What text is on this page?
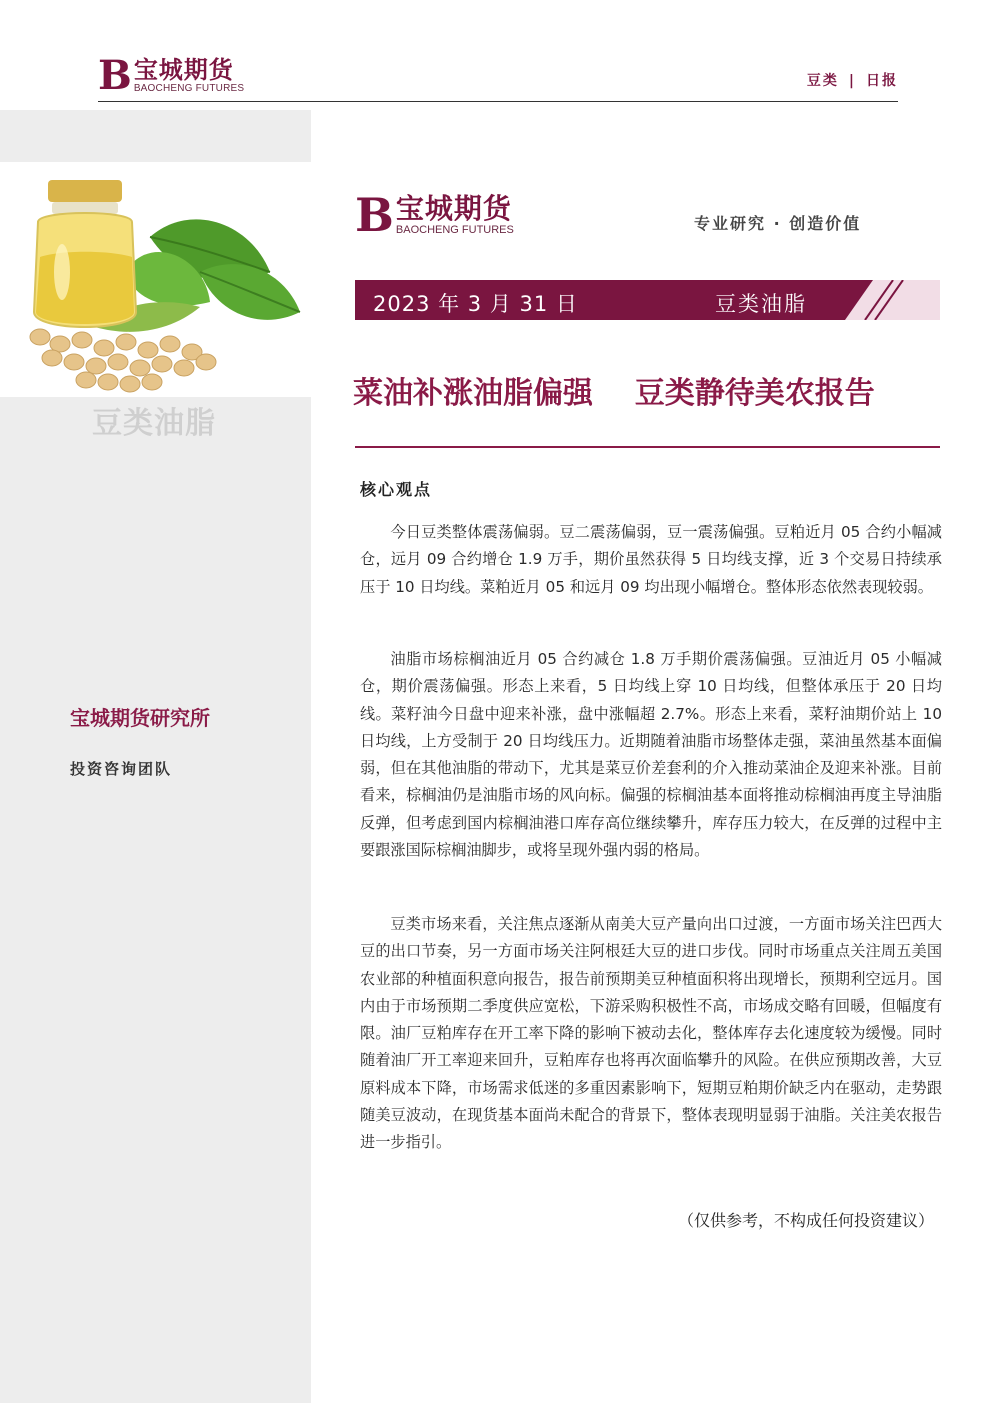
B 宝城期货
BAOCHENG FUTURES	豆类 | 日报
豆类油脂
宝城期货研究所
投资咨询团队
B 宝城期货
BAOCHENG FUTURES	专业研究 · 创造价值
2023 年 3 月 31 日	豆类油脂
菜油补涨油脂偏强    豆类静待美农报告
核心观点

今日豆类整体震荡偏弱。豆二震荡偏弱，豆一震荡偏强。豆粕近月 05 合约小幅减仓，远月 09 合约增仓 1.9 万手，期价虽然获得 5 日均线支撑，近 3 个交易日持续承压于 10 日均线。菜粕近月 05 和远月 09 均出现小幅增仓。整体形态依然表现较弱。

油脂市场棕榈油近月 05 合约减仓 1.8 万手期价震荡偏强。豆油近月 05 小幅减仓，期价震荡偏强。形态上来看，5 日均线上穿 10 日均线，但整体承压于 20 日均线。菜籽油今日盘中迎来补涨，盘中涨幅超 2.7%。形态上来看，菜籽油期价站上 10 日均线，上方受制于 20 日均线压力。近期随着油脂市场整体走强，菜油虽然基本面偏弱，但在其他油脂的带动下，尤其是菜豆价差套利的介入推动菜油企及迎来补涨。目前看来，棕榈油仍是油脂市场的风向标。偏强的棕榈油基本面将推动棕榈油再度主导油脂反弹，但考虑到国内棕榈油港口库存高位继续攀升，库存压力较大，在反弹的过程中主要跟涨国际棕榈油脚步，或将呈现外强内弱的格局。

豆类市场来看，关注焦点逐渐从南美大豆产量向出口过渡，一方面市场关注巴西大豆的出口节奏，另一方面市场关注阿根廷大豆的进口步伐。同时市场重点关注周五美国农业部的种植面积意向报告，报告前预期美豆种植面积将出现增长，预期利空远月。国内由于市场预期二季度供应宽松，下游采购积极性不高，市场成交略有回暖，但幅度有限。油厂豆粕库存在开工率下降的影响下被动去化，整体库存去化速度较为缓慢。同时随着油厂开工率迎来回升，豆粕库存也将再次面临攀升的风险。在供应预期改善，大豆原料成本下降，市场需求低迷的多重因素影响下，短期豆粕期价缺乏内在驱动，走势跟随美豆波动，在现货基本面尚未配合的背景下，整体表现明显弱于油脂。关注美农报告进一步指引。

（仅供参考，不构成任何投资建议）
